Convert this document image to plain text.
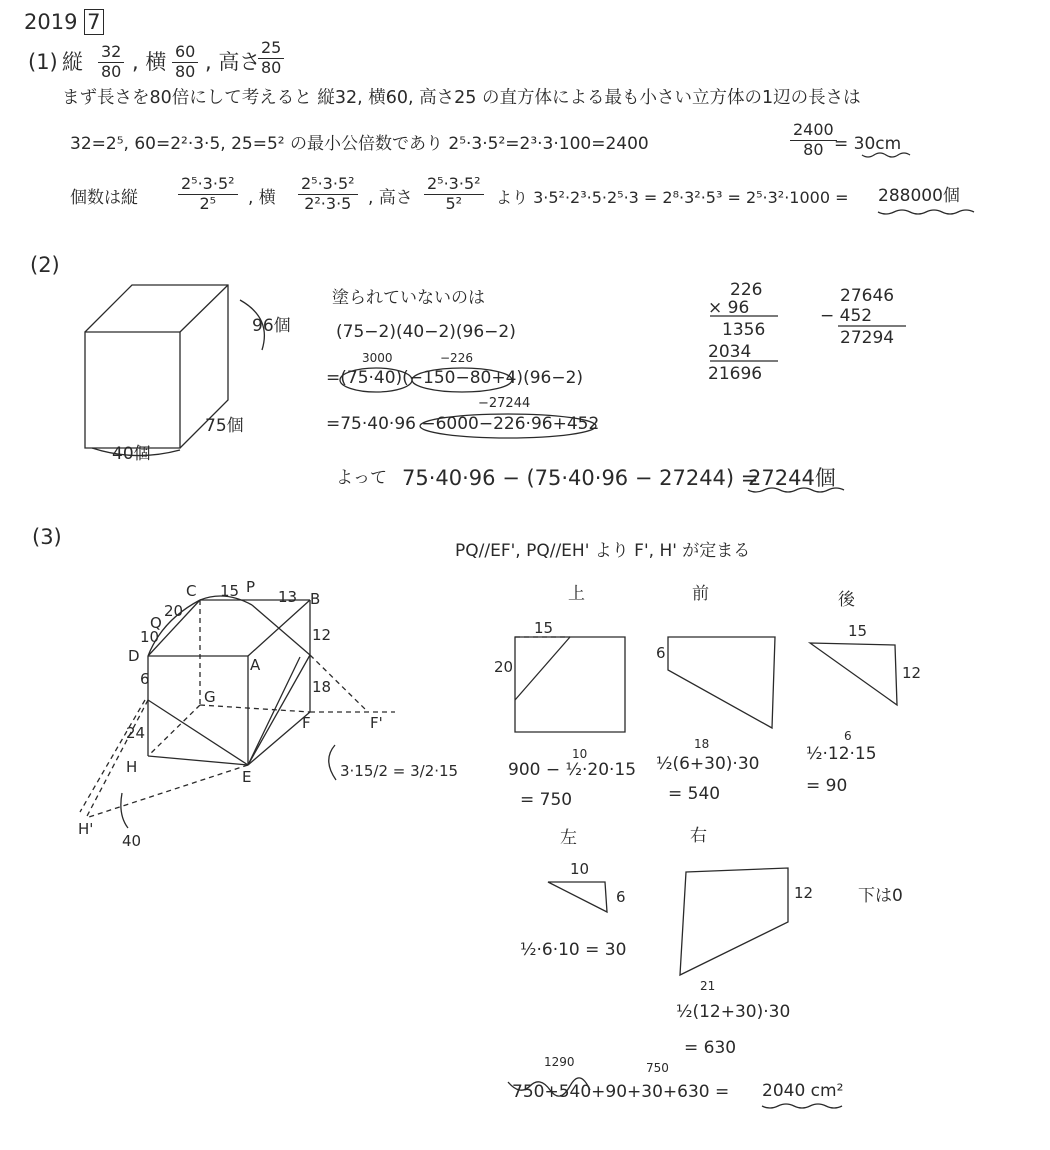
2019 7
(1) 縦 $\frac{32}{80}$ , 横 $\frac{60}{80}$ , 高さ
$\frac{25}{80}$
まず長さを80倍にして考えると 縦32, 横60, 高さ25 の直方体による最も小さい立方体の1辺の長さは
32=2⁵, 60=2²·3·5, 25=5² の最小公倍数であり 2⁵·3·5²=2³·3·100=2400	$\frac{2400}{80}$
= 30cm
個数は縦	$\frac{\text{2⁵·3·5²}}{\text{2⁵}}$ , 横 $\frac{\text{2⁵·3·5²}}{\text{2²·3·5}}$ , 高さ $\frac{\text{2⁵·3·5²}}{\text{5²}}$ より 3·5²·2³·5·2⁵·3 = 2⁸·3²·5³ = 2⁵·3²·1000 = 288000個
(2)
96個
75個
40個
塗られていないのは
(75−2)(40−2)(96−2)
3000	−226
=(75·40)(−150−80+4)(96−2)
−27244
=75·40·96 −6000−226·96+452
よって 75·40·96 − (75·40·96 − 27244) =
27244個
226
× 96
1356
2034
21696
27646
− 452
27294
(3)
PQ//EF', PQ//EH' より F', H' が定まる
C 15 P
13 B
20
Q
10
D	A
12
18
6
G
F	F'
24
H
E
H'
40
3·15/2 = 3/2·15
上
15
20
10
900 − ½·20·15
= 750
前
6
18
½(6+30)·30
= 540
後
15
12
6
½·12·15
= 90
左
10
6
½·6·10 = 30
右
12
21
½(12+30)·30
= 630
下は0
1290	750
750+540+90+30+630 = 2040 cm²
